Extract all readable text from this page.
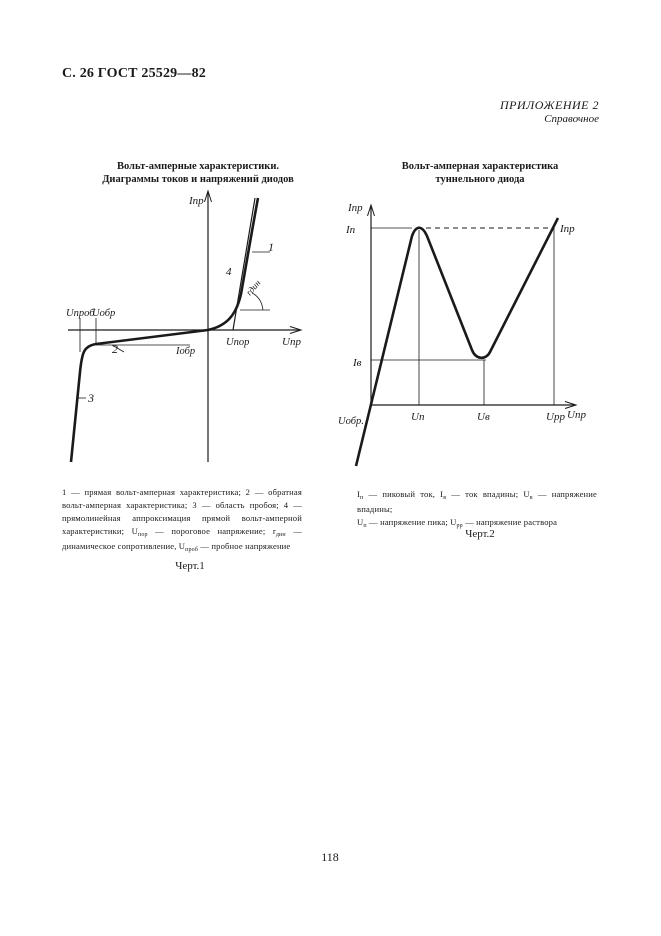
С. 26 ГОСТ 25529—82
ПРИЛОЖЕНИЕ 2
Справочное
Вольт-амперные характеристики.
Диаграммы токов и напряжений диодов
Вольт-амперная характеристика
туннельного диода
Iпр
Uпр
Uпроб
Uобр
Iобр
Uпор
rдин
1
2
3
4
Iпр
Iп	Iпр
Iв
Uобр.	Uп	Uв	Uрр Uпр
1 — прямая вольт-амперная характеристика; 2 — обратная вольт-амперная характеристика; 3 — область пробоя; 4 — прямолинейная аппроксимация прямой вольт-амперной характеристики; $U_{пор}$ — пороговое напряжение; $r_{дин}$ — динамическое сопротивление, $U_{проб}$ — пробное напряжение
Черт.1
$I_п$ — пиковый ток, $I_в$ — ток впадины; $U_в$ — напряжение впадины;
$U_п$ — напряжение пика; $U_{рр}$ — напряжение раствора
Черт.2
118
